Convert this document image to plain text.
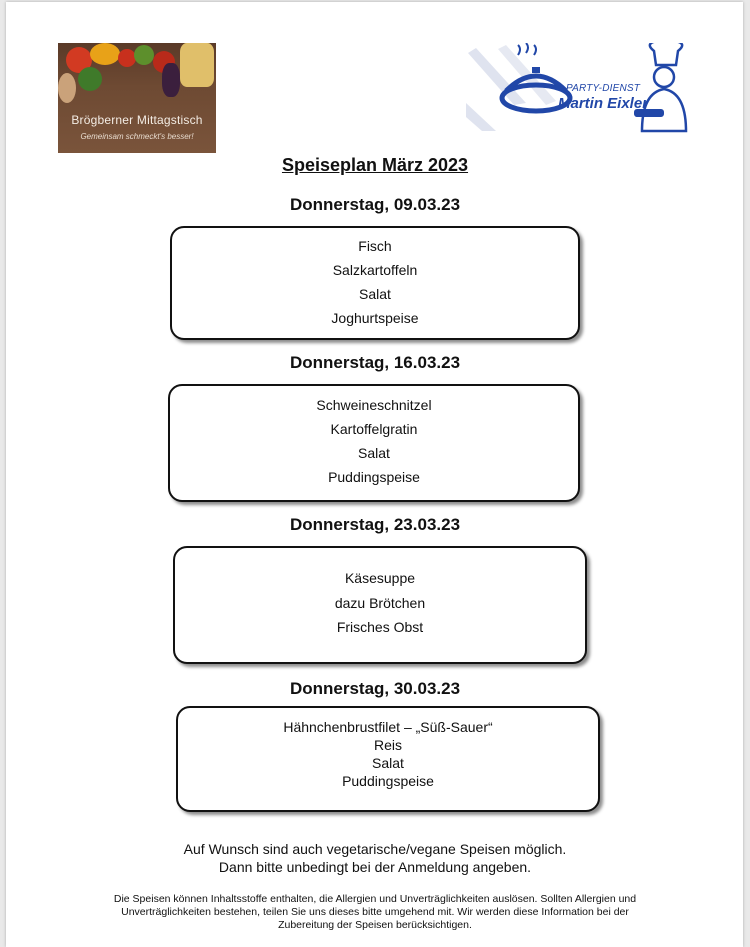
Brögberner Mittagstisch
Gemeinsam schmeckt's besser!
PARTY-DIENST
Martin Eixler
Speiseplan März 2023
Donnerstag, 09.03.23
Fisch
Salzkartoffeln
Salat
Joghurtspeise
Donnerstag, 16.03.23
Schweineschnitzel
Kartoffelgratin
Salat
Puddingspeise
Donnerstag, 23.03.23
Käsesuppe
dazu Brötchen
Frisches Obst
Donnerstag, 30.03.23
Hähnchenbrustfilet – „Süß-Sauer“
Reis
Salat
Puddingspeise
Auf Wunsch sind auch vegetarische/vegane Speisen möglich.
Dann bitte unbedingt bei der Anmeldung angeben.
Die Speisen können Inhaltsstoffe enthalten, die Allergien und Unverträglichkeiten auslösen. Sollten Allergien und
Unverträglichkeiten bestehen, teilen Sie uns dieses bitte umgehend mit. Wir werden diese Information bei der
Zubereitung der Speisen berücksichtigen.
